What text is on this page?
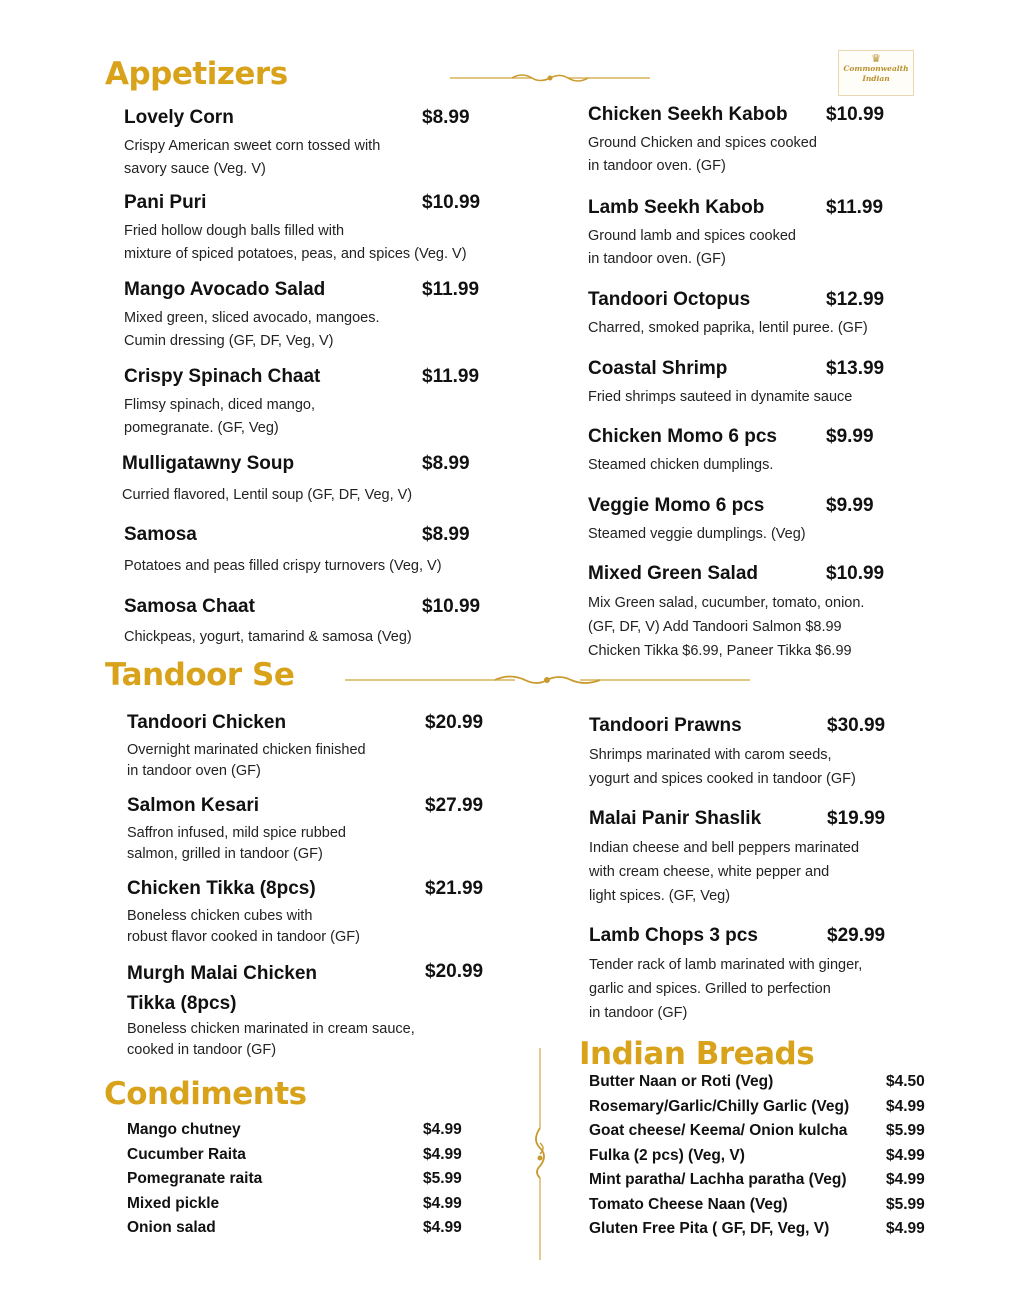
Appetizers
Tandoor Se
Condiments
Indian Breads
♛
Commonwealth
Indian
Lovely Corn	$8.99
Crispy American sweet corn tossed with
savory sauce (Veg. V)
Pani Puri	$10.99
Fried hollow dough balls filled with
mixture of spiced potatoes, peas, and spices (Veg. V)
Mango Avocado Salad	$11.99
Mixed green, sliced avocado, mangoes.
Cumin dressing (GF, DF, Veg, V)
Crispy Spinach Chaat	$11.99
Flimsy spinach, diced mango,
pomegranate. (GF, Veg)
Mulligatawny Soup	$8.99
Curried flavored, Lentil soup (GF, DF, Veg, V)
Samosa	$8.99
Potatoes and peas filled crispy turnovers (Veg, V)
Samosa Chaat	$10.99
Chickpeas, yogurt, tamarind & samosa (Veg)
Chicken Seekh Kabob $10.99
Ground Chicken and spices cooked
in tandoor oven. (GF)
Lamb Seekh Kabob	$11.99
Ground lamb and spices cooked
in tandoor oven. (GF)
Tandoori Octopus	$12.99
Charred, smoked paprika, lentil puree. (GF)
Coastal Shrimp	$13.99
Fried shrimps sauteed in dynamite sauce
Chicken Momo 6 pcs	$9.99
Steamed chicken dumplings.
Veggie Momo 6 pcs	$9.99
Steamed veggie dumplings. (Veg)
Mixed Green Salad	$10.99
Mix Green salad, cucumber, tomato, onion.
(GF, DF, V) Add Tandoori Salmon $8.99
Chicken Tikka $6.99, Paneer Tikka $6.99
Tandoori Chicken	$20.99
Overnight marinated chicken finished
in tandoor oven (GF)
Salmon Kesari	$27.99
Saffron infused, mild spice rubbed
salmon, grilled in tandoor (GF)
Chicken Tikka (8pcs)	$21.99
Boneless chicken cubes with
robust flavor cooked in tandoor (GF)
Murgh Malai Chicken Tikka (8pcs)
$20.99
Boneless chicken marinated in cream sauce,
cooked in tandoor (GF)
Tandoori Prawns	$30.99
Shrimps marinated with carom seeds,
yogurt and spices cooked in tandoor (GF)
Malai Panir Shaslik	$19.99
Indian cheese and bell peppers marinated
with cream cheese, white pepper and
light spices. (GF, Veg)
Lamb Chops 3 pcs	$29.99
Tender rack of lamb marinated with ginger,
garlic and spices. Grilled to perfection
in tandoor (GF)
Mango chutney	$4.99
Cucumber Raita	$4.99
Pomegranate raita	$5.99
Mixed pickle	$4.99
Onion salad	$4.99
Butter Naan or Roti (Veg)	$4.50
Rosemary/Garlic/Chilly Garlic (Veg) $4.99
Goat cheese/ Keema/ Onion kulcha $5.99
Fulka (2 pcs) (Veg, V)	$4.99
Mint paratha/ Lachha paratha (Veg)	$4.99
Tomato Cheese Naan (Veg)	$5.99
Gluten Free Pita ( GF, DF, Veg, V)	$4.99
